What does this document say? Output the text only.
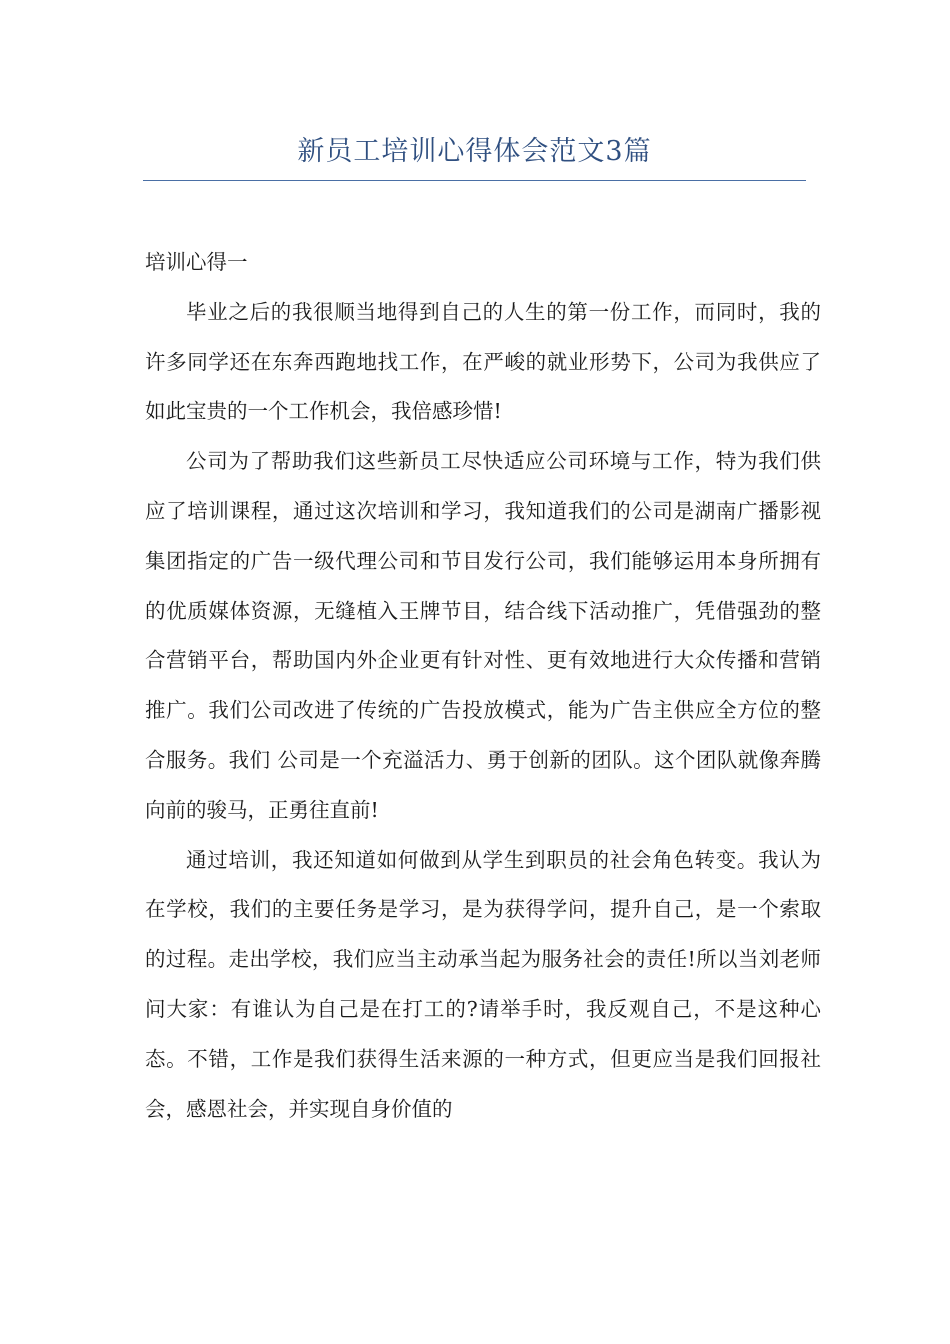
新员工培训心得体会范文3篇

培训心得一

毕业之后的我很顺当地得到自己的人生的第一份工作，而同时，我的许多同学还在东奔西跑地找工作，在严峻的就业形势下，公司为我供应了如此宝贵的一个工作机会，我倍感珍惜!

公司为了帮助我们这些新员工尽快适应公司环境与工作，特为我们供应了培训课程，通过这次培训和学习，我知道我们的公司是湖南广播影视集团指定的广告一级代理公司和节目发行公司，我们能够运用本身所拥有的优质媒体资源，无缝植入王牌节目，结合线下活动推广，凭借强劲的整合营销平台，帮助国内外企业更有针对性、更有效地进行大众传播和营销推广。我们公司改进了传统的广告投放模式，能为广告主供应全方位的整合服务。我们 公司是一个充溢活力、勇于创新的团队。这个团队就像奔腾向前的骏马，正勇往直前!

通过培训，我还知道如何做到从学生到职员的社会角色转变。我认为在学校，我们的主要任务是学习，是为获得学问，提升自己，是一个索取的过程。走出学校，我们应当主动承当起为服务社会的责任!所以当刘老师问大家：有谁认为自己是在打工的?请举手时，我反观自己，不是这种心态。不错，工作是我们获得生活来源的一种方式，但更应当是我们回报社会，感恩社会，并实现自身价值的
